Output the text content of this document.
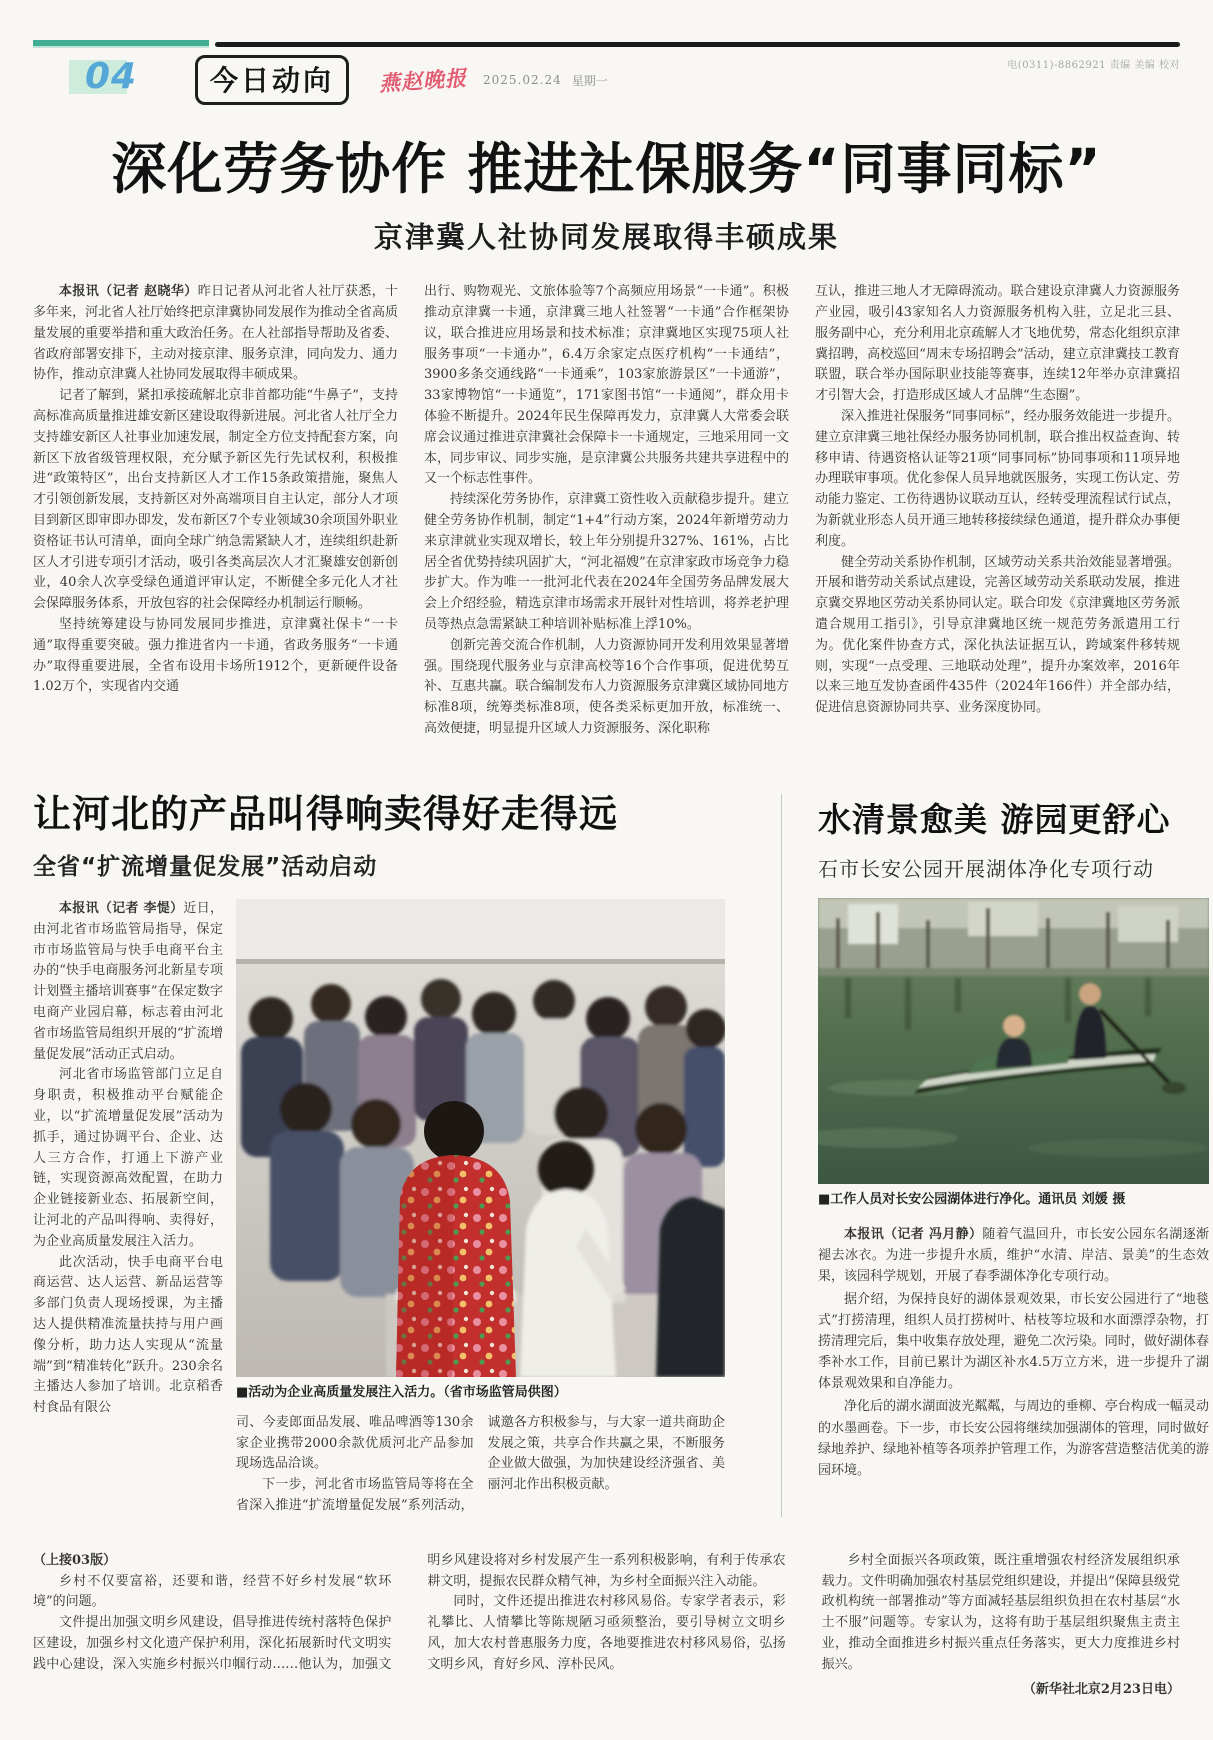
04	今日动向	燕赵晚报 2025.02.24 星期一
电(0311)-8862921 责编 美编 校对
深化劳务协作 推进社保服务“同事同标”
京津冀人社协同发展取得丰硕成果

本报讯（记者 赵晓华）昨日记者从河北省人社厅获悉，十多年来，河北省人社厅始终把京津冀协同发展作为推动全省高质量发展的重要举措和重大政治任务。在人社部指导帮助及省委、省政府部署安排下，主动对接京津、服务京津，同向发力、通力协作，推动京津冀人社协同发展取得丰硕成果。

记者了解到，紧扣承接疏解北京非首都功能“牛鼻子”，支持高标准高质量推进雄安新区建设取得新进展。河北省人社厅全力支持雄安新区人社事业加速发展，制定全方位支持配套方案，向新区下放省级管理权限，充分赋予新区先行先试权利，积极推进“政策特区”，出台支持新区人才工作15条政策措施，聚焦人才引领创新发展，支持新区对外高端项目自主认定，部分人才项目到新区即审即办即发，发布新区7个专业领域30余项国外职业资格证书认可清单，面向全球广纳急需紧缺人才，连续组织赴新区人才引进专项引才活动，吸引各类高层次人才汇聚雄安创新创业，40余人次享受绿色通道评审认定，不断健全多元化人才社会保障服务体系，开放包容的社会保障经办机制运行顺畅。

坚持统筹建设与协同发展同步推进，京津冀社保卡“一卡通”取得重要突破。强力推进省内一卡通，省政务服务“一卡通办”取得重要进展，全省布设用卡场所1912个，更新硬件设备1.02万个，实现省内交通

出行、购物观光、文旅体验等7个高频应用场景“一卡通”。积极推动京津冀一卡通，京津冀三地人社签署“一卡通”合作框架协议，联合推进应用场景和技术标准；京津冀地区实现75项人社服务事项“一卡通办”，6.4万余家定点医疗机构“一卡通结”，3900多条交通线路“一卡通乘”，103家旅游景区“一卡通游”，33家博物馆“一卡通览”，171家图书馆“一卡通阅”，群众用卡体验不断提升。2024年民生保障再发力，京津冀人大常委会联席会议通过推进京津冀社会保障卡一卡通规定，三地采用同一文本，同步审议、同步实施，是京津冀公共服务共建共享进程中的又一个标志性事件。

持续深化劳务协作，京津冀工资性收入贡献稳步提升。建立健全劳务协作机制，制定“1+4”行动方案，2024年新增劳动力来京津就业实现双增长，较上年分别提升327%、161%，占比居全省优势持续巩固扩大，“河北福嫂”在京津家政市场竞争力稳步扩大。作为唯一一批河北代表在2024年全国劳务品牌发展大会上介绍经验，精选京津市场需求开展针对性培训，将养老护理员等热点急需紧缺工种培训补贴标准上浮10%。

创新完善交流合作机制，人力资源协同开发利用效果显著增强。围绕现代服务业与京津高校等16个合作事项，促进优势互补、互惠共赢。联合编制发布人力资源服务京津冀区域协同地方标准8项，统筹类标准8项，使各类采标更加开放，标准统一、高效便捷，明显提升区域人力资源服务、深化职称

互认，推进三地人才无障碍流动。联合建设京津冀人力资源服务产业园，吸引43家知名人力资源服务机构入驻，立足北三县、服务副中心，充分利用北京疏解人才飞地优势，常态化组织京津冀招聘，高校巡回“周末专场招聘会”活动，建立京津冀技工教育联盟，联合举办国际职业技能等赛事，连续12年举办京津冀招才引智大会，打造形成区域人才品牌“生态圈”。

深入推进社保服务“同事同标”，经办服务效能进一步提升。建立京津冀三地社保经办服务协同机制，联合推出权益查询、转移申请、待遇资格认证等21项“同事同标”协同事项和11项异地办理联审事项。优化参保人员异地就医服务，实现工伤认定、劳动能力鉴定、工伤待遇协议联动互认，经转受理流程试行试点，为新就业形态人员开通三地转移接续绿色通道，提升群众办事便利度。

健全劳动关系协作机制，区域劳动关系共治效能显著增强。开展和谐劳动关系试点建设，完善区域劳动关系联动发展，推进京冀交界地区劳动关系协同认定。联合印发《京津冀地区劳务派遣合规用工指引》，引导京津冀地区统一规范劳务派遣用工行为。优化案件协查方式，深化执法证据互认，跨域案件移转规则，实现“一点受理、三地联动处理”，提升办案效率，2016年以来三地互发协查函件435件（2024年166件）并全部办结，促进信息资源协同共享、业务深度协同。

让河北的产品叫得响卖得好走得远
全省“扩流增量促发展”活动启动

本报讯（记者 李惿）近日，由河北省市场监管局指导，保定市市场监管局与快手电商平台主办的“快手电商服务河北新星专项计划暨主播培训赛事”在保定数字电商产业园启幕，标志着由河北省市场监管局组织开展的“扩流增量促发展”活动正式启动。

河北省市场监管部门立足自身职责，积极推动平台赋能企业，以“扩流增量促发展”活动为抓手，通过协调平台、企业、达人三方合作，打通上下游产业链，实现资源高效配置，在助力企业链接新业态、拓展新空间，让河北的产品叫得响、卖得好，为企业高质量发展注入活力。

此次活动，快手电商平台电商运营、达人运营、新品运营等多部门负责人现场授课，为主播达人提供精准流量扶持与用户画像分析，助力达人实现从“流量端”到“精准转化”跃升。230余名主播达人参加了培训。北京稻香村食品有限公

■活动为企业高质量发展注入活力。（省市场监管局供图）

司、今麦郎面品发展、唯品啤酒等130余家企业携带2000余款优质河北产品参加现场选品洽谈。

下一步，河北省市场监管局等将在全省深入推进“扩流增量促发展”系列活动，诚邀各方积极参与，与大家一道共商助企发展之策，共享合作共赢之果，不断服务企业做大做强，为加快建设经济强省、美丽河北作出积极贡献。

水清景愈美 游园更舒心
石市长安公园开展湖体净化专项行动
■工作人员对长安公园湖体进行净化。通讯员 刘媛 摄

本报讯（记者 冯月静）随着气温回升，市长安公园东名湖逐渐褪去冰衣。为进一步提升水质，维护“水清、岸洁、景美”的生态效果，该园科学规划，开展了春季湖体净化专项行动。

据介绍，为保持良好的湖体景观效果，市长安公园进行了“地毯式”打捞清理，组织人员打捞树叶、枯枝等垃圾和水面漂浮杂物，打捞清理完后，集中收集存放处理，避免二次污染。同时，做好湖体春季补水工作，目前已累计为湖区补水4.5万立方米，进一步提升了湖体景观效果和自净能力。

净化后的湖水湖面波光粼粼，与周边的垂柳、亭台构成一幅灵动的水墨画卷。下一步，市长安公园将继续加强湖体的管理，同时做好绿地养护、绿地补植等各项养护管理工作，为游客营造整洁优美的游园环境。

（上接03版）

乡村不仅要富裕，还要和谐，经营不好乡村发展“软环境”的问题。

文件提出加强文明乡风建设，倡导推进传统村落特色保护区建设，加强乡村文化遗产保护利用，深化拓展新时代文明实践中心建设，深入实施乡村振兴巾帼行动……他认为，加强文明乡风建设将对乡村发展产生一系列积极影响，有利于传承农耕文明，提振农民群众精气神，为乡村全面振兴注入动能。

同时，文件还提出推进农村移风易俗。专家学者表示，彩礼攀比、人情攀比等陈规陋习亟须整治，要引导树立文明乡风，加大农村普惠服务力度，各地要推进农村移风易俗，弘扬文明乡风，育好乡风、淳朴民风。

乡村全面振兴各项政策，既注重增强农村经济发展组织承载力。文件明确加强农村基层党组织建设，并提出“保障县级党政机构统一部署推动”等方面减轻基层组织负担在农村基层“水土不服”问题等。专家认为，这将有助于基层组织聚焦主责主业，推动全面推进乡村振兴重点任务落实，更大力度推进乡村振兴。

（新华社北京2月23日电）
